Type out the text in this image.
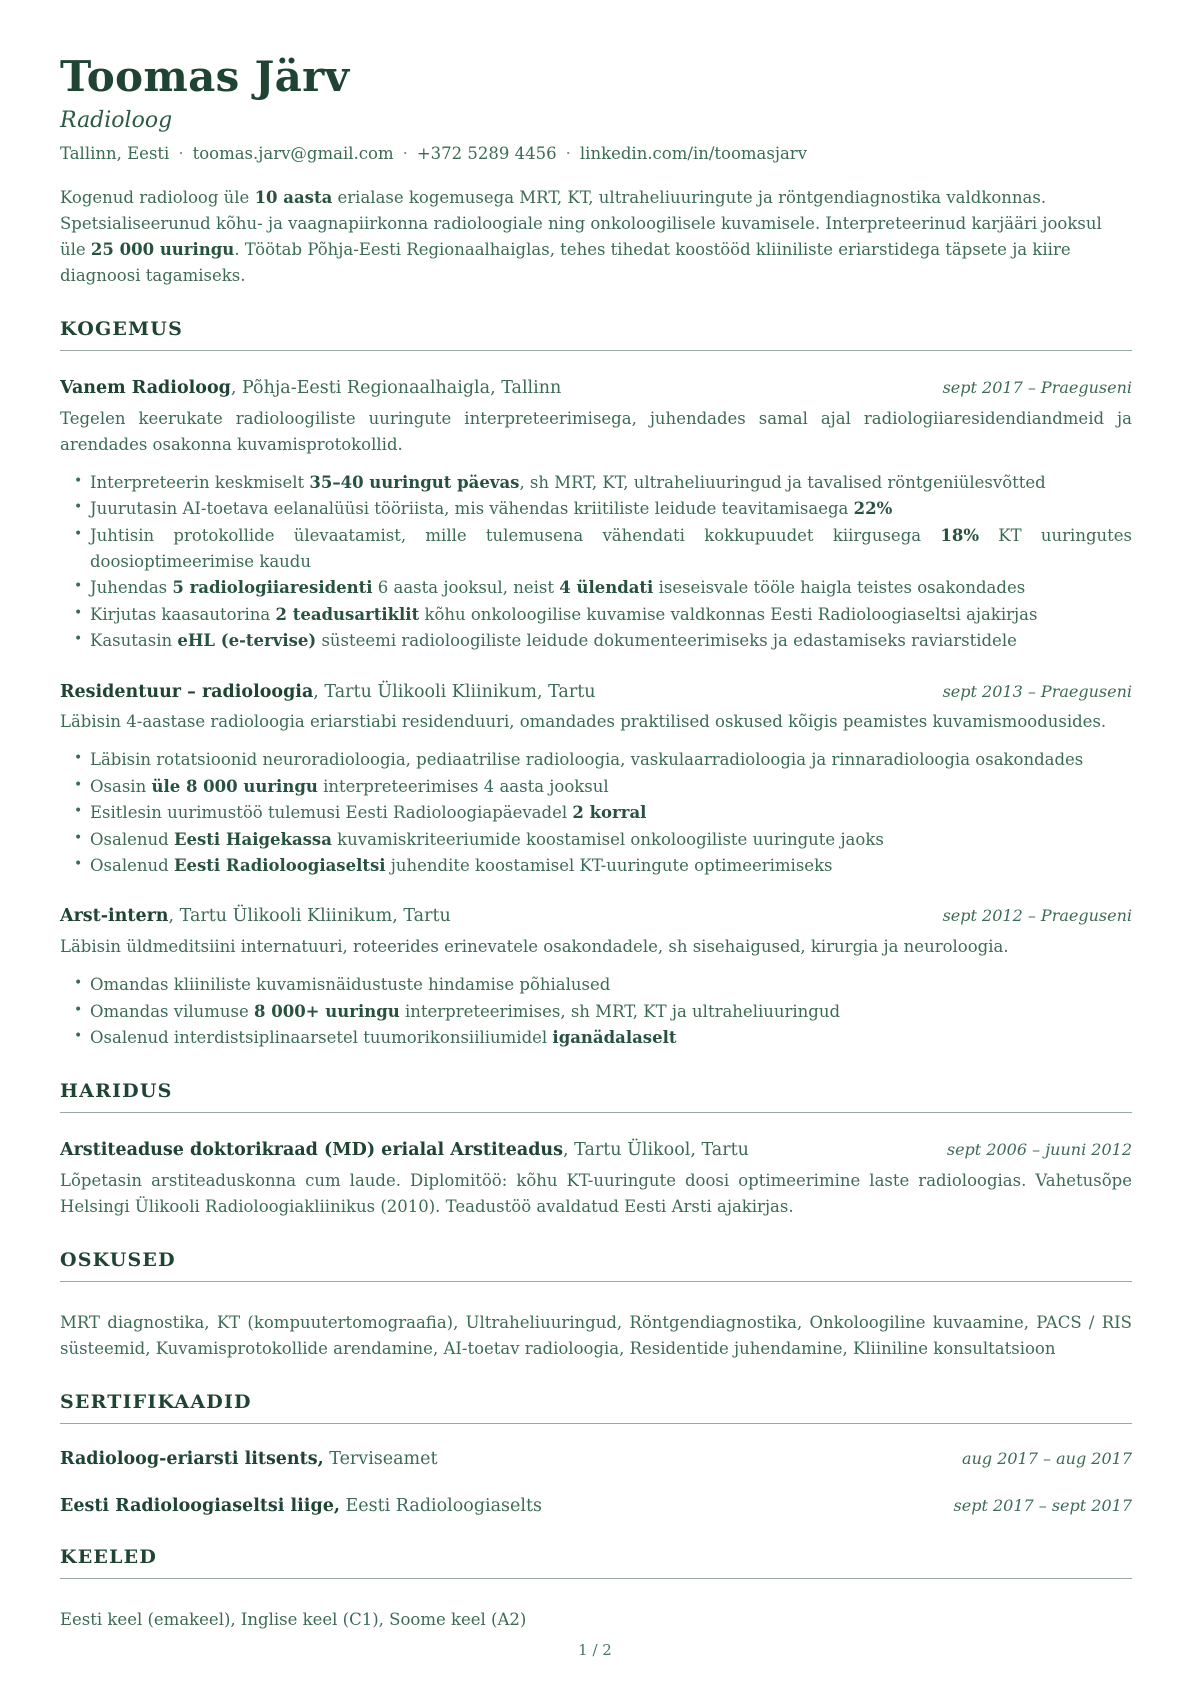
Toomas Järv
Radioloog
Tallinn, Eesti · toomas.jarv@gmail.com · +372 5289 4456 · linkedin.com/in/toomasjarv

Kogenud radioloog üle 10 aasta erialase kogemusega MRT, KT, ultraheliuuringute ja röntgendiagnostika valdkonnas. Spetsialiseerunud kõhu- ja vaagnapiirkonna radioloogiale ning onkoloogilisele kuvamisele. Interpreteerinud karjääri jooksul üle 25 000 uuringu. Töötab Põhja-Eesti Regionaalhaiglas, tehes tihedat koostööd kliiniliste eriarstidega täpsete ja kiire diagnoosi tagamiseks.

KOGEMUS
Vanem Radioloog, Põhja-Eesti Regionaalhaigla, Tallinn	sept 2017 – Praeguseni

Tegelen keerukate radioloogiliste uuringute interpreteerimisega, juhendades samal ajal radiologiiaresidendiandmeid ja arendades osakonna kuvamisprotokollid.

• Interpreteerin keskmiselt 35–40 uuringut päevas, sh MRT, KT, ultraheliuuringud ja tavalised röntgeniülesvõtted
• Juurutasin AI-toetava eelanalüüsi tööriista, mis vähendas kriitiliste leidude teavitamisaega 22%
• Juhtisin protokollide ülevaatamist, mille tulemusena vähendati kokkupuudet kiirgusega 18% KT uuringutes doosioptimeerimise kaudu
• Juhendas 5 radiologiiaresidenti 6 aasta jooksul, neist 4 ülendati iseseisvale tööle haigla teistes osakondades
• Kirjutas kaasautorina 2 teadusartiklit kõhu onkoloogilise kuvamise valdkonnas Eesti Radioloogiaseltsi ajakirjas
• Kasutasin eHL (e-tervise) süsteemi radioloogiliste leidude dokumenteerimiseks ja edastamiseks raviarstidele
Residentuur – radioloogia, Tartu Ülikooli Kliinikum, Tartu	sept 2013 – Praeguseni

Läbisin 4-aastase radioloogia eriarstiabi residenduuri, omandades praktilised oskused kõigis peamistes kuvamismoodusides.

• Läbisin rotatsioonid neuroradioloogia, pediaatrilise radioloogia, vaskulaarradioloogia ja rinnaradioloogia osakondades
• Osasin üle 8 000 uuringu interpreteerimises 4 aasta jooksul
• Esitlesin uurimustöö tulemusi Eesti Radioloogiapäevadel 2 korral
• Osalenud Eesti Haigekassa kuvamiskriteeriumide koostamisel onkoloogiliste uuringute jaoks
• Osalenud Eesti Radioloogiaseltsi juhendite koostamisel KT-uuringute optimeerimiseks
Arst-intern, Tartu Ülikooli Kliinikum, Tartu	sept 2012 – Praeguseni

Läbisin üldmeditsiini internatuuri, roteerides erinevatele osakondadele, sh sisehaigused, kirurgia ja neuroloogia.

• Omandas kliiniliste kuvamisnäidustuste hindamise põhialused
• Omandas vilumuse 8 000+ uuringu interpreteerimises, sh MRT, KT ja ultraheliuuringud
• Osalenud interdistsiplinaarsetel tuumorikonsiiliumidel iganädalaselt
HARIDUS
Arstiteaduse doktorikraad (MD) erialal Arstiteadus, Tartu Ülikool, Tartu	sept 2006 – juuni 2012

Lõpetasin arstiteaduskonna cum laude. Diplomitöö: kõhu KT-uuringute doosi optimeerimine laste radioloogias. Vahetusõpe Helsingi Ülikooli Radioloogiakliinikus (2010). Teadustöö avaldatud Eesti Arsti ajakirjas.

OSKUSED

MRT diagnostika, KT (kompuutertomograafia), Ultraheliuuringud, Röntgendiagnostika, Onkoloogiline kuvaamine, PACS / RIS süsteemid, Kuvamisprotokollide arendamine, AI-toetav radioloogia, Residentide juhendamine, Kliiniline konsultatsioon

SERTIFIKAADID
Radioloog-eriarsti litsents, Terviseamet	aug 2017 – aug 2017
Eesti Radioloogiaseltsi liige, Eesti Radioloogiaselts	sept 2017 – sept 2017
KEELED

Eesti keel (emakeel), Inglise keel (C1), Soome keel (A2)

1 / 2
